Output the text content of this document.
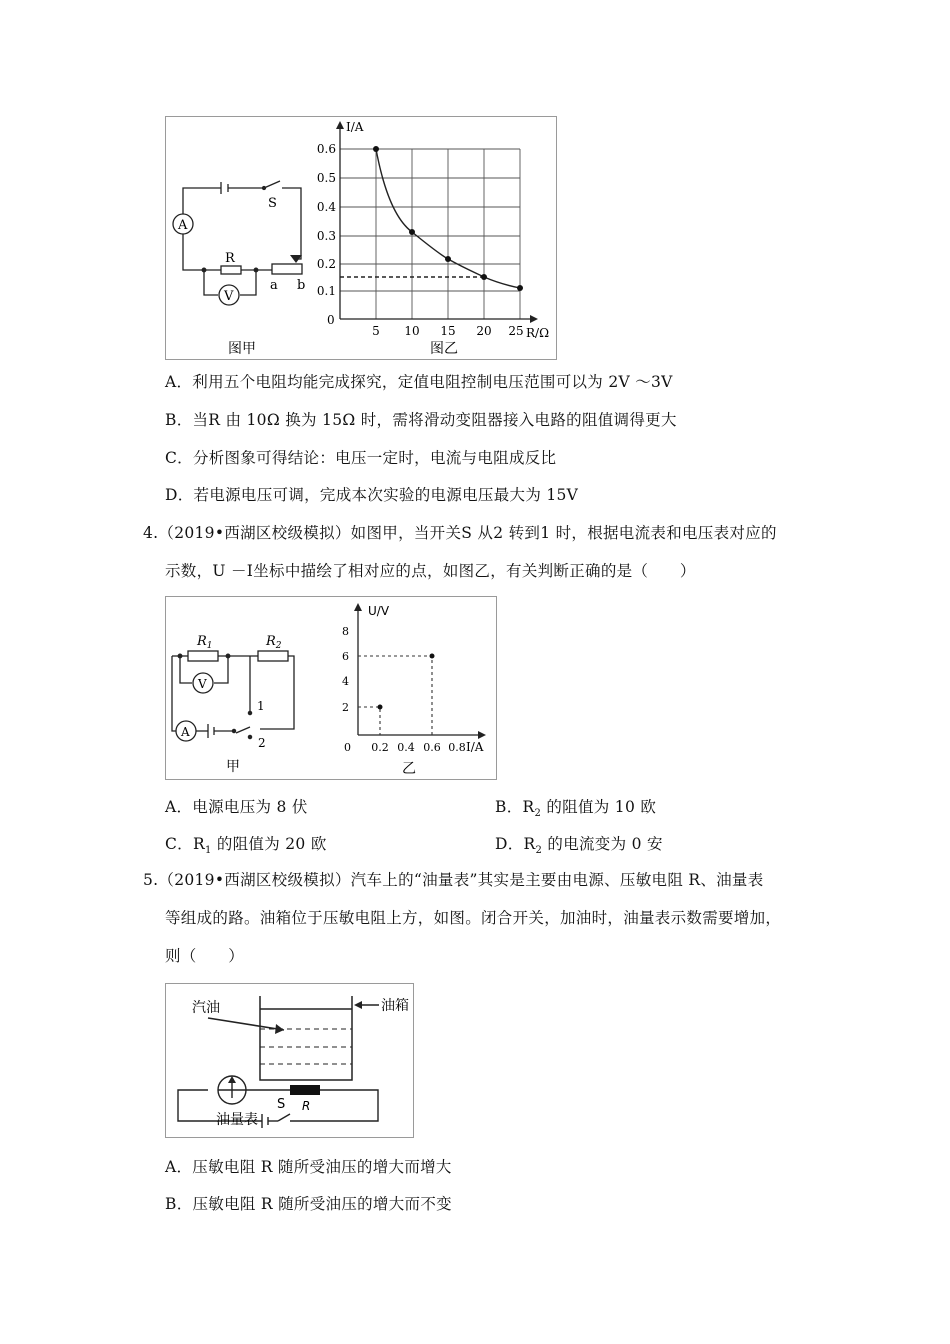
A
S
R
V
a b
图甲
I/A
R/Ω
0
0.1
0.2
0.3
0.4
0.5
0.6
5 10 15 20 25
图乙
A．利用五个电阻均能完成探究，定值电阻控制电压范围可以为 2V ～3V
B．当R 由 10Ω 换为 15Ω 时，需将滑动变阻器接入电路的阻值调得更大
C．分析图象可得结论：电压一定时，电流与电阻成反比
D．若电源电压可调，完成本次实验的电源电压最大为 15V
4.（2019•西湖区校级模拟）如图甲，当开关S 从2 转到1 时，根据电流表和电压表对应的
示数，U －I坐标中描绘了相对应的点，如图乙，有关判断正确的是（　　）
$R_1$	$R_2$
V
A
1
2
甲
U/V
I/A
0
2
4
6
8
0.2 0.4 0.6 0.8
乙
A．电源电压为 8 伏	B．$R_2$ 的阻值为 10 欧
C．$R_1$ 的阻值为 20 欧	D．$R_2$ 的电流变为 0 安
5.（2019•西湖区校级模拟）汽车上的“油量表”其实是主要由电源、压敏电阻 R、油量表
等组成的路。油箱位于压敏电阻上方，如图。闭合开关，加油时，油量表示数需要增加，
则（　　）
汽油	油箱
R
油量表
S
A．压敏电阻 R 随所受油压的增大而增大
B．压敏电阻 R 随所受油压的增大而不变
